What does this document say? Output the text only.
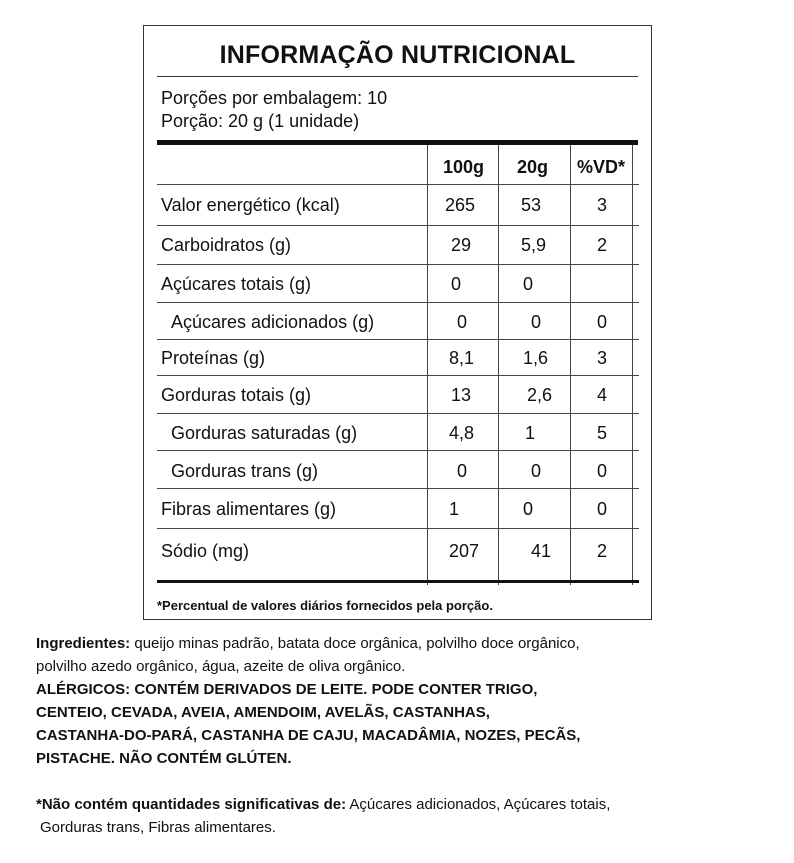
INFORMAÇÃO NUTRICIONAL
Porções por embalagem: 10
Porção: 20 g (1 unidade)
100g 20g %VD*
Valor energético (kcal)	265	53	3
Carboidratos (g)	29	5,9	2
Açúcares totais (g)	0	0
Açúcares adicionados (g)	0	0	0
Proteínas (g)	8,1	1,6	3
Gorduras totais (g)	13	2,6 4
Gorduras saturadas (g)	4,8	1	5
Gorduras trans (g)	0	0	0
Fibras alimentares (g)	1	0	0
Sódio (mg)	207	41	2
*Percentual de valores diários fornecidos pela porção.
Ingredientes: queijo minas padrão, batata doce orgânica, polvilho doce orgânico,
polvilho azedo orgânico, água, azeite de oliva orgânico.
ALÉRGICOS: CONTÉM DERIVADOS DE LEITE. PODE CONTER TRIGO,
CENTEIO, CEVADA, AVEIA, AMENDOIM, AVELÃS, CASTANHAS,
CASTANHA-DO-PARÁ, CASTANHA DE CAJU, MACADÂMIA, NOZES, PECÃS,
PISTACHE. NÃO CONTÉM GLÚTEN.
*Não contém quantidades significativas de: Açúcares adicionados, Açúcares totais,
Gorduras trans, Fibras alimentares.
